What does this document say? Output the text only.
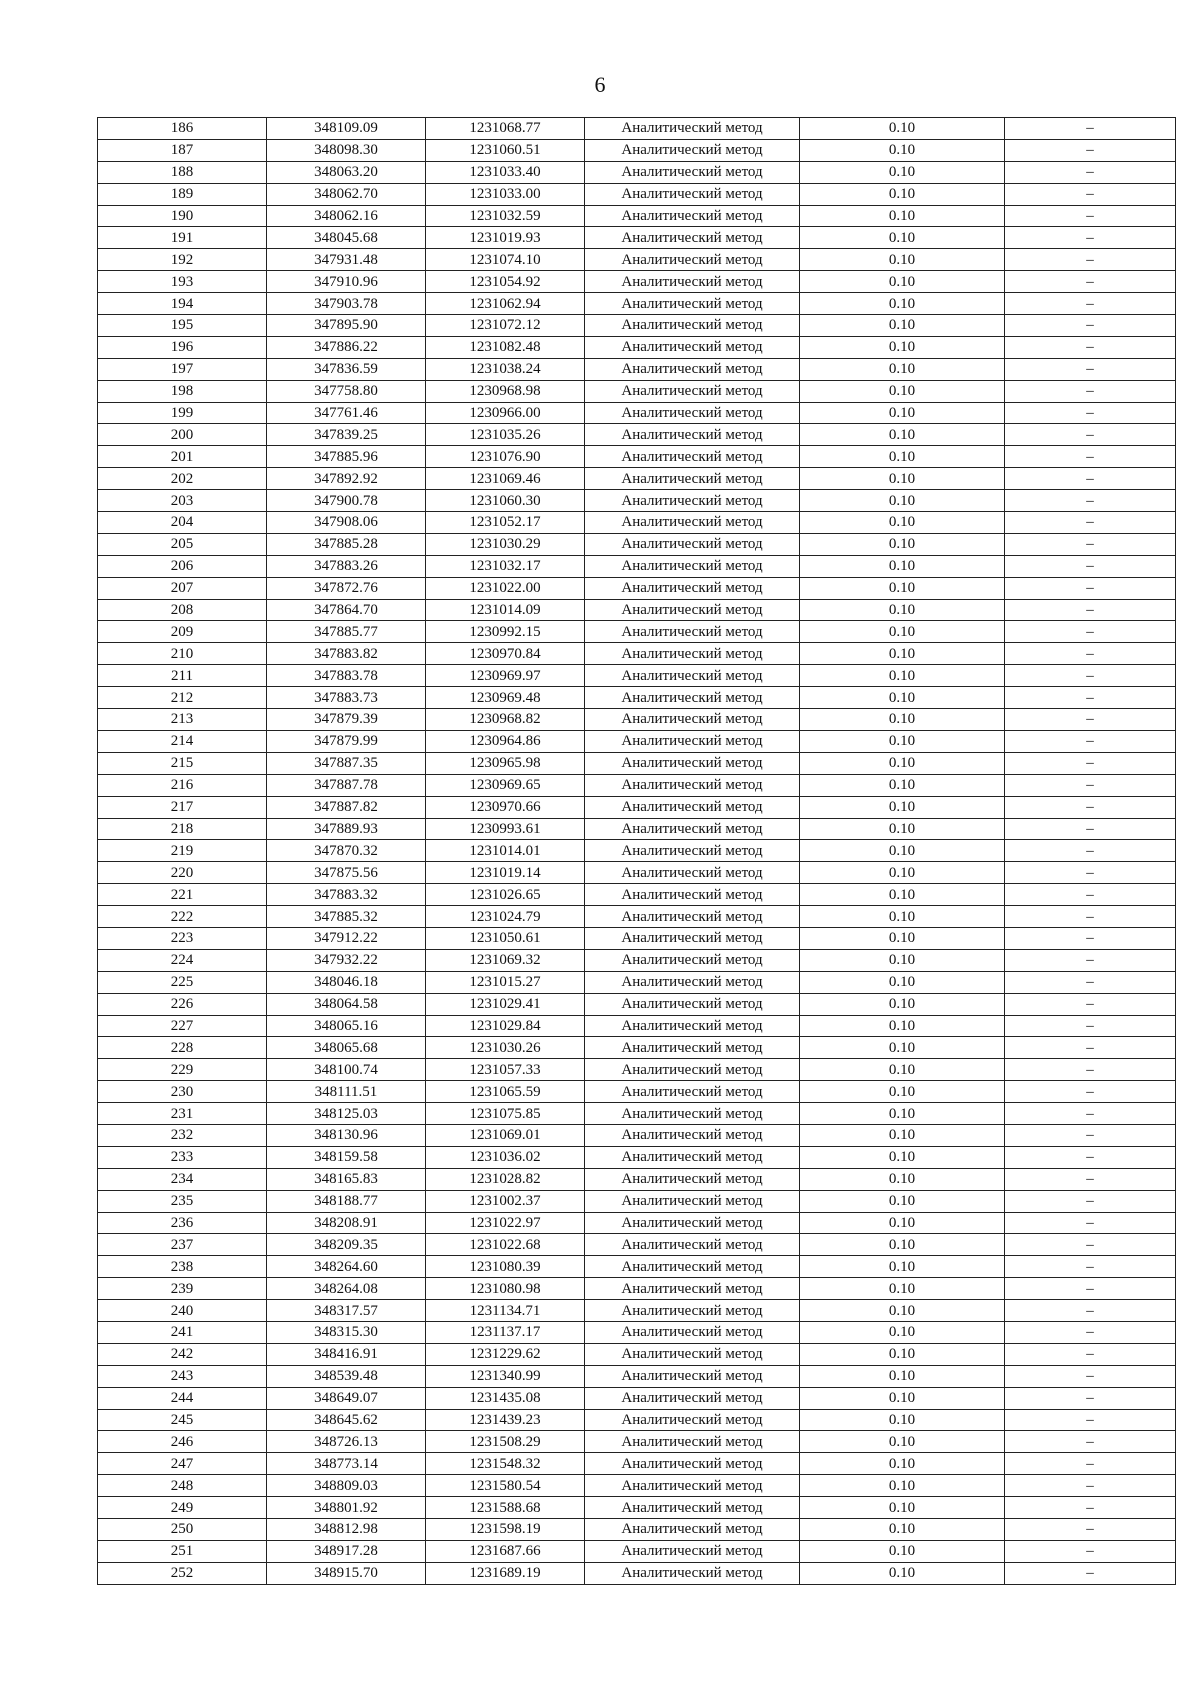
6
186	348109.09	1231068.77	Аналитический метод	0.10	–
187	348098.30	1231060.51	Аналитический метод	0.10	–
188	348063.20	1231033.40	Аналитический метод	0.10	–
189	348062.70	1231033.00	Аналитический метод	0.10	–
190	348062.16	1231032.59	Аналитический метод	0.10	–
191	348045.68	1231019.93	Аналитический метод	0.10	–
192	347931.48	1231074.10	Аналитический метод	0.10	–
193	347910.96	1231054.92	Аналитический метод	0.10	–
194	347903.78	1231062.94	Аналитический метод	0.10	–
195	347895.90	1231072.12	Аналитический метод	0.10	–
196	347886.22	1231082.48	Аналитический метод	0.10	–
197	347836.59	1231038.24	Аналитический метод	0.10	–
198	347758.80	1230968.98	Аналитический метод	0.10	–
199	347761.46	1230966.00	Аналитический метод	0.10	–
200	347839.25	1231035.26	Аналитический метод	0.10	–
201	347885.96	1231076.90	Аналитический метод	0.10	–
202	347892.92	1231069.46	Аналитический метод	0.10	–
203	347900.78	1231060.30	Аналитический метод	0.10	–
204	347908.06	1231052.17	Аналитический метод	0.10	–
205	347885.28	1231030.29	Аналитический метод	0.10	–
206	347883.26	1231032.17	Аналитический метод	0.10	–
207	347872.76	1231022.00	Аналитический метод	0.10	–
208	347864.70	1231014.09	Аналитический метод	0.10	–
209	347885.77	1230992.15	Аналитический метод	0.10	–
210	347883.82	1230970.84	Аналитический метод	0.10	–
211	347883.78	1230969.97	Аналитический метод	0.10	–
212	347883.73	1230969.48	Аналитический метод	0.10	–
213	347879.39	1230968.82	Аналитический метод	0.10	–
214	347879.99	1230964.86	Аналитический метод	0.10	–
215	347887.35	1230965.98	Аналитический метод	0.10	–
216	347887.78	1230969.65	Аналитический метод	0.10	–
217	347887.82	1230970.66	Аналитический метод	0.10	–
218	347889.93	1230993.61	Аналитический метод	0.10	–
219	347870.32	1231014.01	Аналитический метод	0.10	–
220	347875.56	1231019.14	Аналитический метод	0.10	–
221	347883.32	1231026.65	Аналитический метод	0.10	–
222	347885.32	1231024.79	Аналитический метод	0.10	–
223	347912.22	1231050.61	Аналитический метод	0.10	–
224	347932.22	1231069.32	Аналитический метод	0.10	–
225	348046.18	1231015.27	Аналитический метод	0.10	–
226	348064.58	1231029.41	Аналитический метод	0.10	–
227	348065.16	1231029.84	Аналитический метод	0.10	–
228	348065.68	1231030.26	Аналитический метод	0.10	–
229	348100.74	1231057.33	Аналитический метод	0.10	–
230	348111.51	1231065.59	Аналитический метод	0.10	–
231	348125.03	1231075.85	Аналитический метод	0.10	–
232	348130.96	1231069.01	Аналитический метод	0.10	–
233	348159.58	1231036.02	Аналитический метод	0.10	–
234	348165.83	1231028.82	Аналитический метод	0.10	–
235	348188.77	1231002.37	Аналитический метод	0.10	–
236	348208.91	1231022.97	Аналитический метод	0.10	–
237	348209.35	1231022.68	Аналитический метод	0.10	–
238	348264.60	1231080.39	Аналитический метод	0.10	–
239	348264.08	1231080.98	Аналитический метод	0.10	–
240	348317.57	1231134.71	Аналитический метод	0.10	–
241	348315.30	1231137.17	Аналитический метод	0.10	–
242	348416.91	1231229.62	Аналитический метод	0.10	–
243	348539.48	1231340.99	Аналитический метод	0.10	–
244	348649.07	1231435.08	Аналитический метод	0.10	–
245	348645.62	1231439.23	Аналитический метод	0.10	–
246	348726.13	1231508.29	Аналитический метод	0.10	–
247	348773.14	1231548.32	Аналитический метод	0.10	–
248	348809.03	1231580.54	Аналитический метод	0.10	–
249	348801.92	1231588.68	Аналитический метод	0.10	–
250	348812.98	1231598.19	Аналитический метод	0.10	–
251	348917.28	1231687.66	Аналитический метод	0.10	–
252	348915.70	1231689.19	Аналитический метод	0.10	–
